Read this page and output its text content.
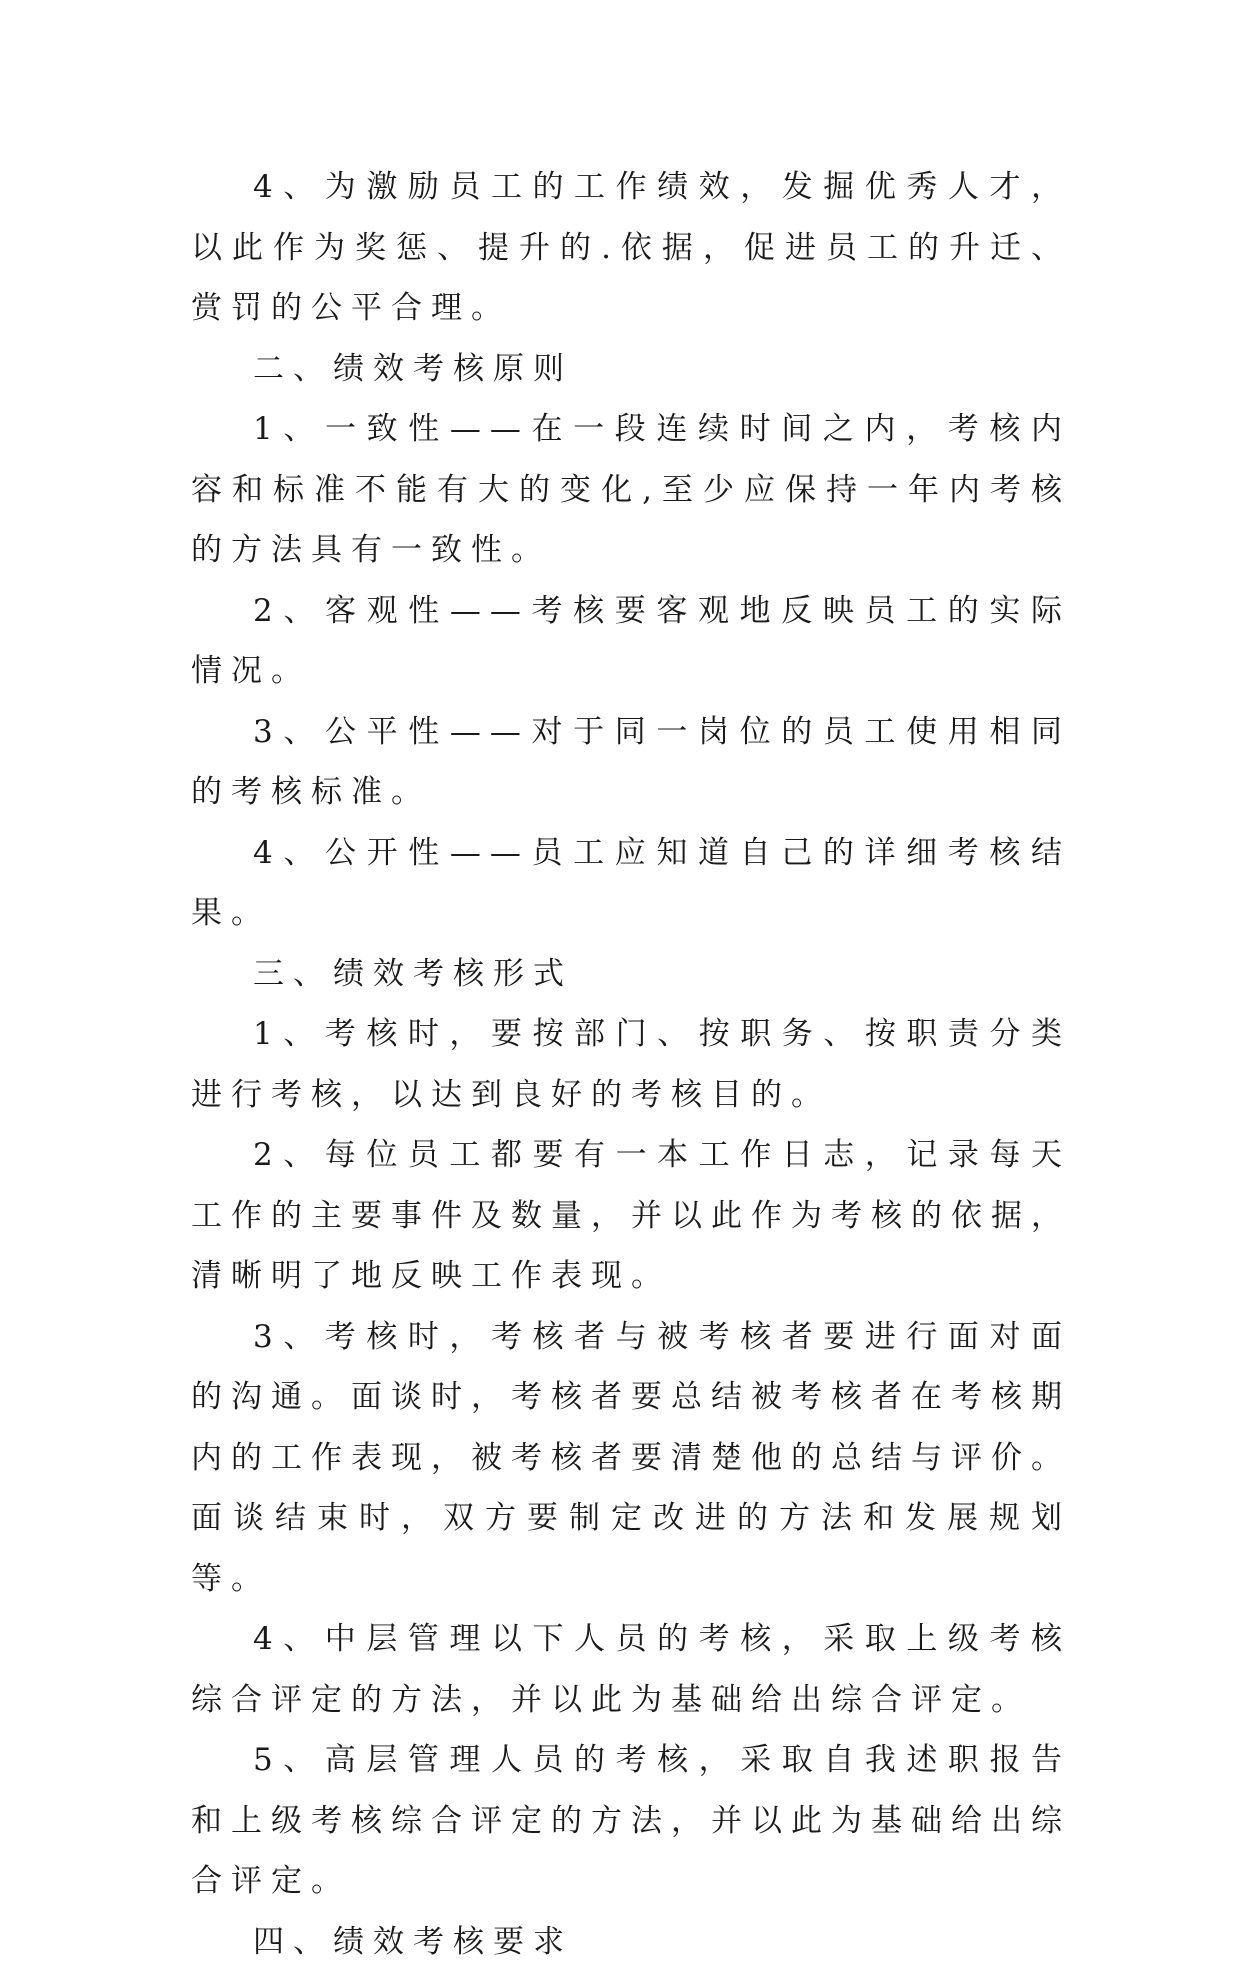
4、为激励员工的工作绩效，发掘优秀人才，以此作为奖惩、提升的.依据，促进员工的升迁、赏罚的公平合理。

二、绩效考核原则

1、一致性——在一段连续时间之内，考核内容和标准不能有大的变化,至少应保持一年内考核的方法具有一致性。

2、客观性——考核要客观地反映员工的实际情况。

3、公平性——对于同一岗位的员工使用相同的考核标准。

4、公开性——员工应知道自己的详细考核结果。

三、绩效考核形式

1、考核时，要按部门、按职务、按职责分类进行考核，以达到良好的考核目的。

2、每位员工都要有一本工作日志，记录每天工作的主要事件及数量，并以此作为考核的依据，清晰明了地反映工作表现。

3、考核时，考核者与被考核者要进行面对面的沟通。面谈时，考核者要总结被考核者在考核期内的工作表现，被考核者要清楚他的总结与评价。面谈结束时，双方要制定改进的方法和发展规划等。

4、中层管理以下人员的考核，采取上级考核综合评定的方法，并以此为基础给出综合评定。

5、高层管理人员的考核，采取自我述职报告和上级考核综合评定的方法，并以此为基础给出综合评定。

四、绩效考核要求
